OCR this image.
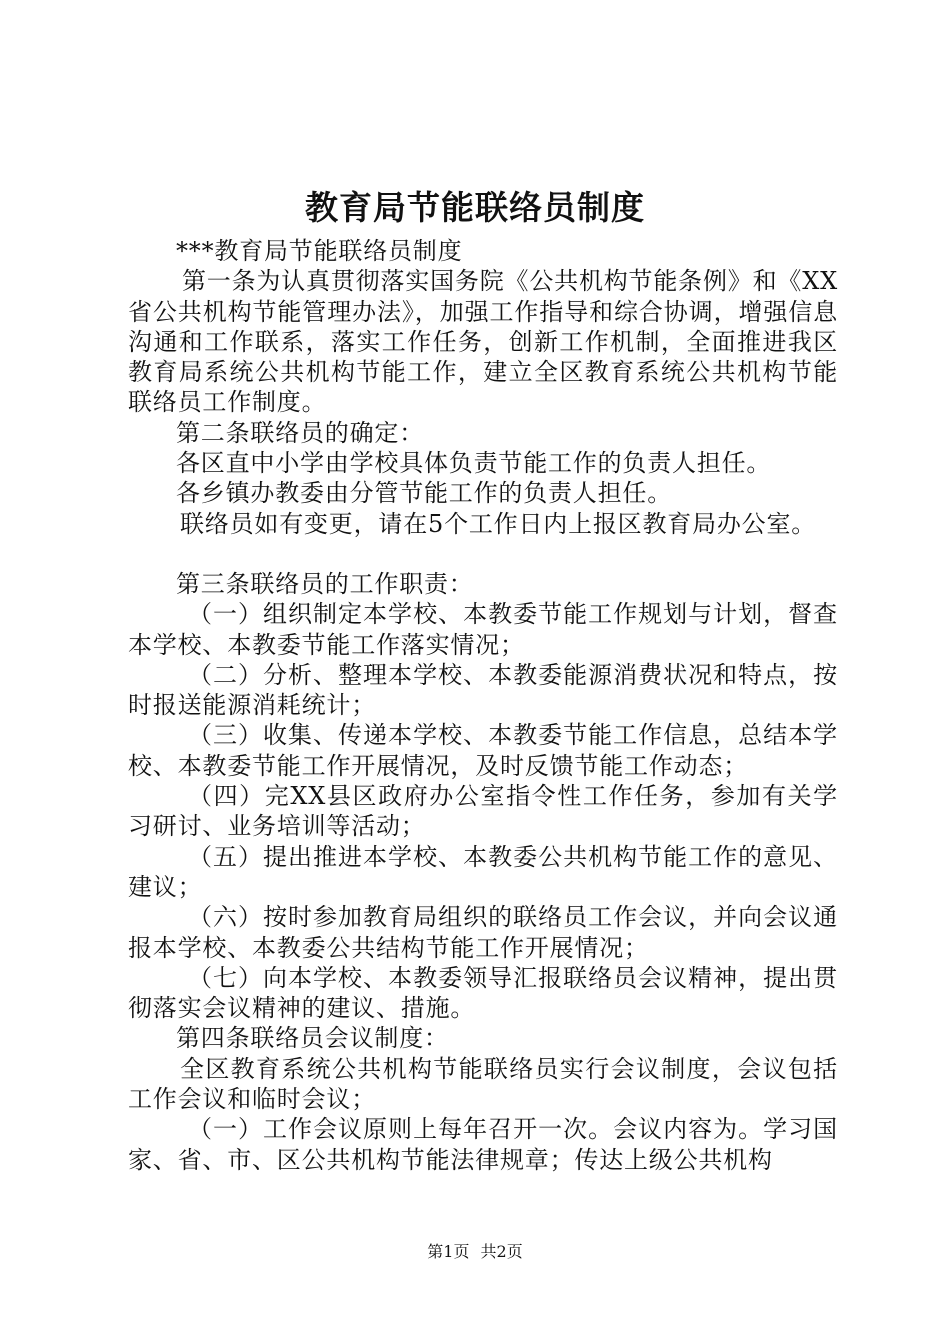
教育局节能联络员制度

***教育局节能联络员制度

第一条为认真贯彻落实国务院《公共机构节能条例》和《XX省公共机构节能管理办法》，加强工作指导和综合协调，增强信息沟通和工作联系，落实工作任务，创新工作机制，全面推进我区教育局系统公共机构节能工作，建立全区教育系统公共机构节能联络员工作制度。

第二条联络员的确定：

各区直中小学由学校具体负责节能工作的负责人担任。

各乡镇办教委由分管节能工作的负责人担任。

联络员如有变更，请在5个工作日内上报区教育局办公室。

第三条联络员的工作职责：

（一）组织制定本学校、本教委节能工作规划与计划，督查本学校、本教委节能工作落实情况；

（二）分析、整理本学校、本教委能源消费状况和特点，按时报送能源消耗统计；

（三）收集、传递本学校、本教委节能工作信息，总结本学校、本教委节能工作开展情况，及时反馈节能工作动态；

（四）完XX县区政府办公室指令性工作任务，参加有关学习研讨、业务培训等活动；

（五）提出推进本学校、本教委公共机构节能工作的意见、建议；

（六）按时参加教育局组织的联络员工作会议，并向会议通报本学校、本教委公共结构节能工作开展情况；

（七）向本学校、本教委领导汇报联络员会议精神，提出贯彻落实会议精神的建议、措施。

第四条联络员会议制度：

全区教育系统公共机构节能联络员实行会议制度，会议包括工作会议和临时会议；

（一）工作会议原则上每年召开一次。会议内容为。学习国家、省、市、区公共机构节能法律规章；传达上级公共机构

第1页 共2页
